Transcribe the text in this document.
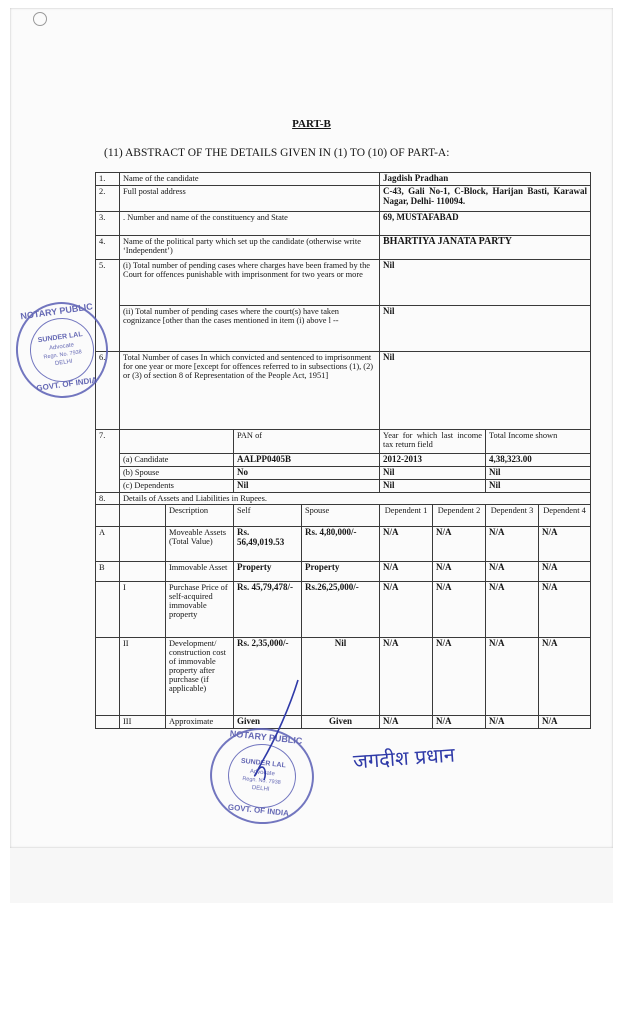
PART-B
(11) ABSTRACT OF THE DETAILS GIVEN IN (1) TO (10) OF PART-A:
1.	Name of the candidate				Jagdish Pradhan			
2.	Full postal address				C-43, Gali No-1, C-Block, Harijan Basti, Karawal Nagar, Delhi- 110094.			
3.	. Number and name of the constituency and State				69, MUSTAFABAD			
4.	Name of the political party which set up the candidate (otherwise write ‘Independent’)				BHARTIYA JANATA PARTY			
5.	(i) Total number of pending cases where charges have been framed by the Court for offences punishable with imprisonment for two years or more				Nil			
	(ii) Total number of pending cases where the court(s) have taken cognizance [other than the cases mentioned in item (i) above l --				Nil			
6.	Total Number of cases In which convicted and sentenced to imprisonment for one year or more [except for offences referred to in subsections (1), (2) or (3) of section 8 of Representation of the People Act, 1951]				Nil			
7.			PAN of		Year for which last income tax return field		Total Income shown	
	(a) Candidate		AALPP0405B		2012-2013		4,38,323.00	
	(b) Spouse		No		Nil		Nil	
	(c) Dependents		Nil		Nil		Nil	
8.	Details of Assets and Liabilities in Rupees.							
		Description	Self	Spouse	Dependent 1	Dependent 2	Dependent 3	Dependent 4
A		Moveable Assets (Total Value)	Rs. 56,49,019.53	Rs. 4,80,000/-	N/A	N/A	N/A	N/A
B		Immovable Asset	Property	Property	N/A	N/A	N/A	N/A
	I	Purchase Price of self-acquired immovable property	Rs. 45,79,478/-	Rs.26,25,000/-	N/A	N/A	N/A	N/A
	II	Development/ construction cost of immovable property after purchase (if applicable)	Rs. 2,35,000/-	Nil	N/A	N/A	N/A	N/A
	III	Approximate	Given	Given	N/A	N/A	N/A	N/A
NOTARY PUBLIC
SUNDER LAL
Advocate
Regn. No. 7938
DELHI
GOVT. OF INDIA
NOTARY PUBLIC
SUNDER LAL
Advocate
Regn. No. 7938
DELHI
GOVT. OF INDIA
जगदीश प्रधान
